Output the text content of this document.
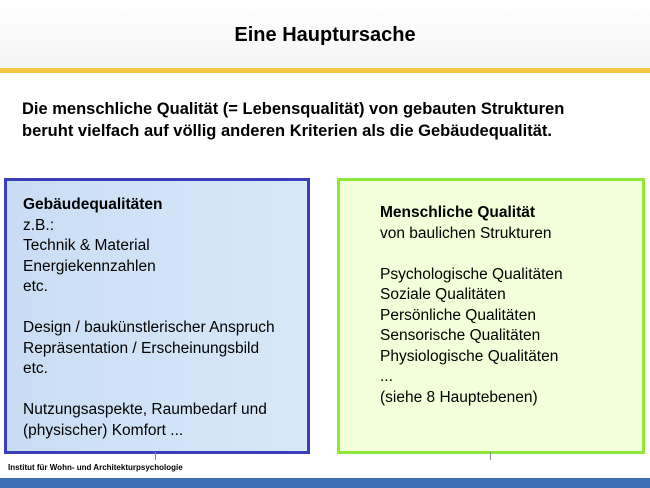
Eine Hauptursache
Die menschliche Qualität (= Lebensqualität) von gebauten Strukturen
beruht vielfach auf völlig anderen Kriterien als die Gebäudequalität.
Gebäudequalitäten
z.B.:
Technik & Material
Energiekennzahlen
etc.
Design / baukünstlerischer Anspruch
Repräsentation / Erscheinungsbild
etc.
Nutzungsaspekte, Raumbedarf und
(physischer) Komfort ...
Menschliche Qualität
von baulichen Strukturen
Psychologische Qualitäten
Soziale Qualitäten
Persönliche Qualitäten
Sensorische Qualitäten
Physiologische Qualitäten
...
(siehe 8 Hauptebenen)
Institut für Wohn- und Architekturpsychologie
